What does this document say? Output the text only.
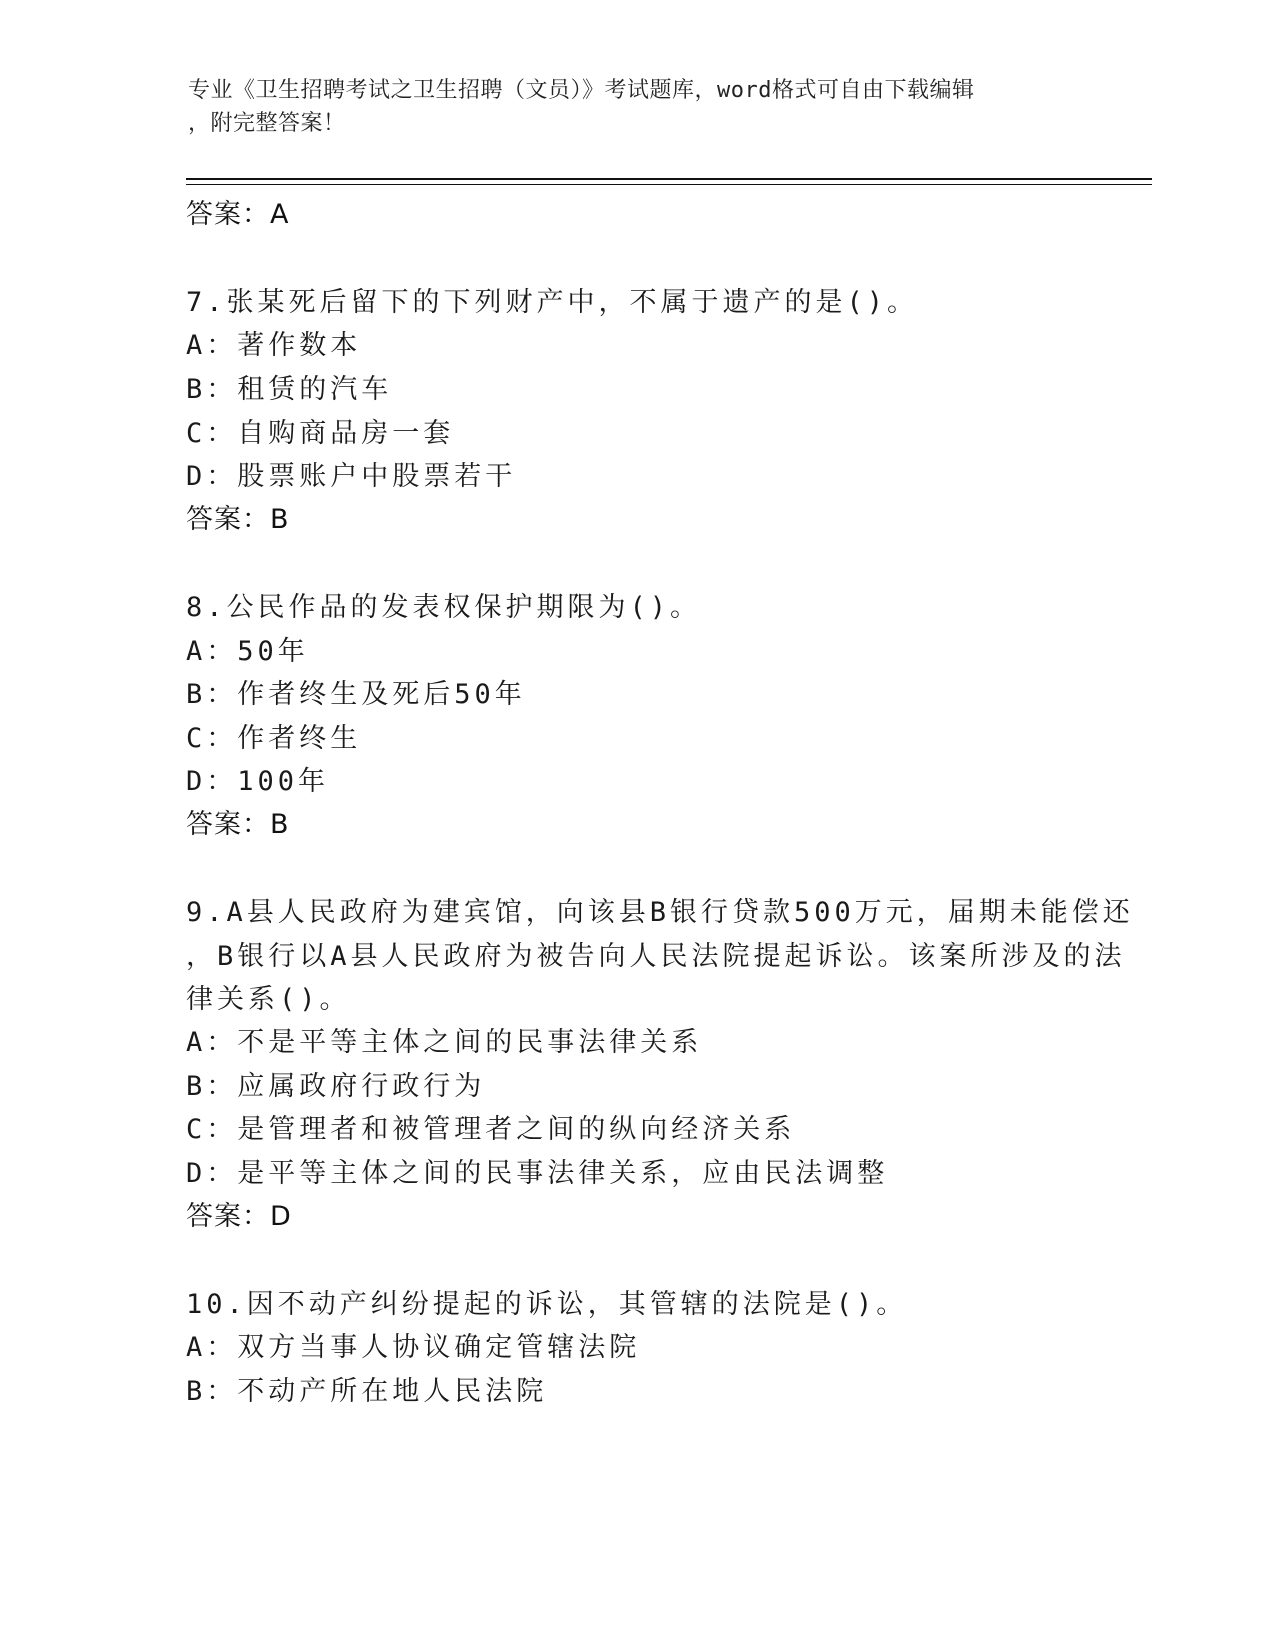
专业《卫生招聘考试之卫生招聘（文员）》考试题库，word格式可自由下载编辑
，附完整答案！
答案：A
7.张某死后留下的下列财产中，不属于遗产的是()。
A：著作数本
B：租赁的汽车
C：自购商品房一套
D：股票账户中股票若干
答案：B
8.公民作品的发表权保护期限为()。
A：50年
B：作者终生及死后50年
C：作者终生
D：100年
答案：B
9.A县人民政府为建宾馆，向该县B银行贷款500万元，届期未能偿还
，B银行以A县人民政府为被告向人民法院提起诉讼。该案所涉及的法
律关系()。
A：不是平等主体之间的民事法律关系
B：应属政府行政行为
C：是管理者和被管理者之间的纵向经济关系
D：是平等主体之间的民事法律关系，应由民法调整
答案：D
10.因不动产纠纷提起的诉讼，其管辖的法院是()。
A：双方当事人协议确定管辖法院
B：不动产所在地人民法院
